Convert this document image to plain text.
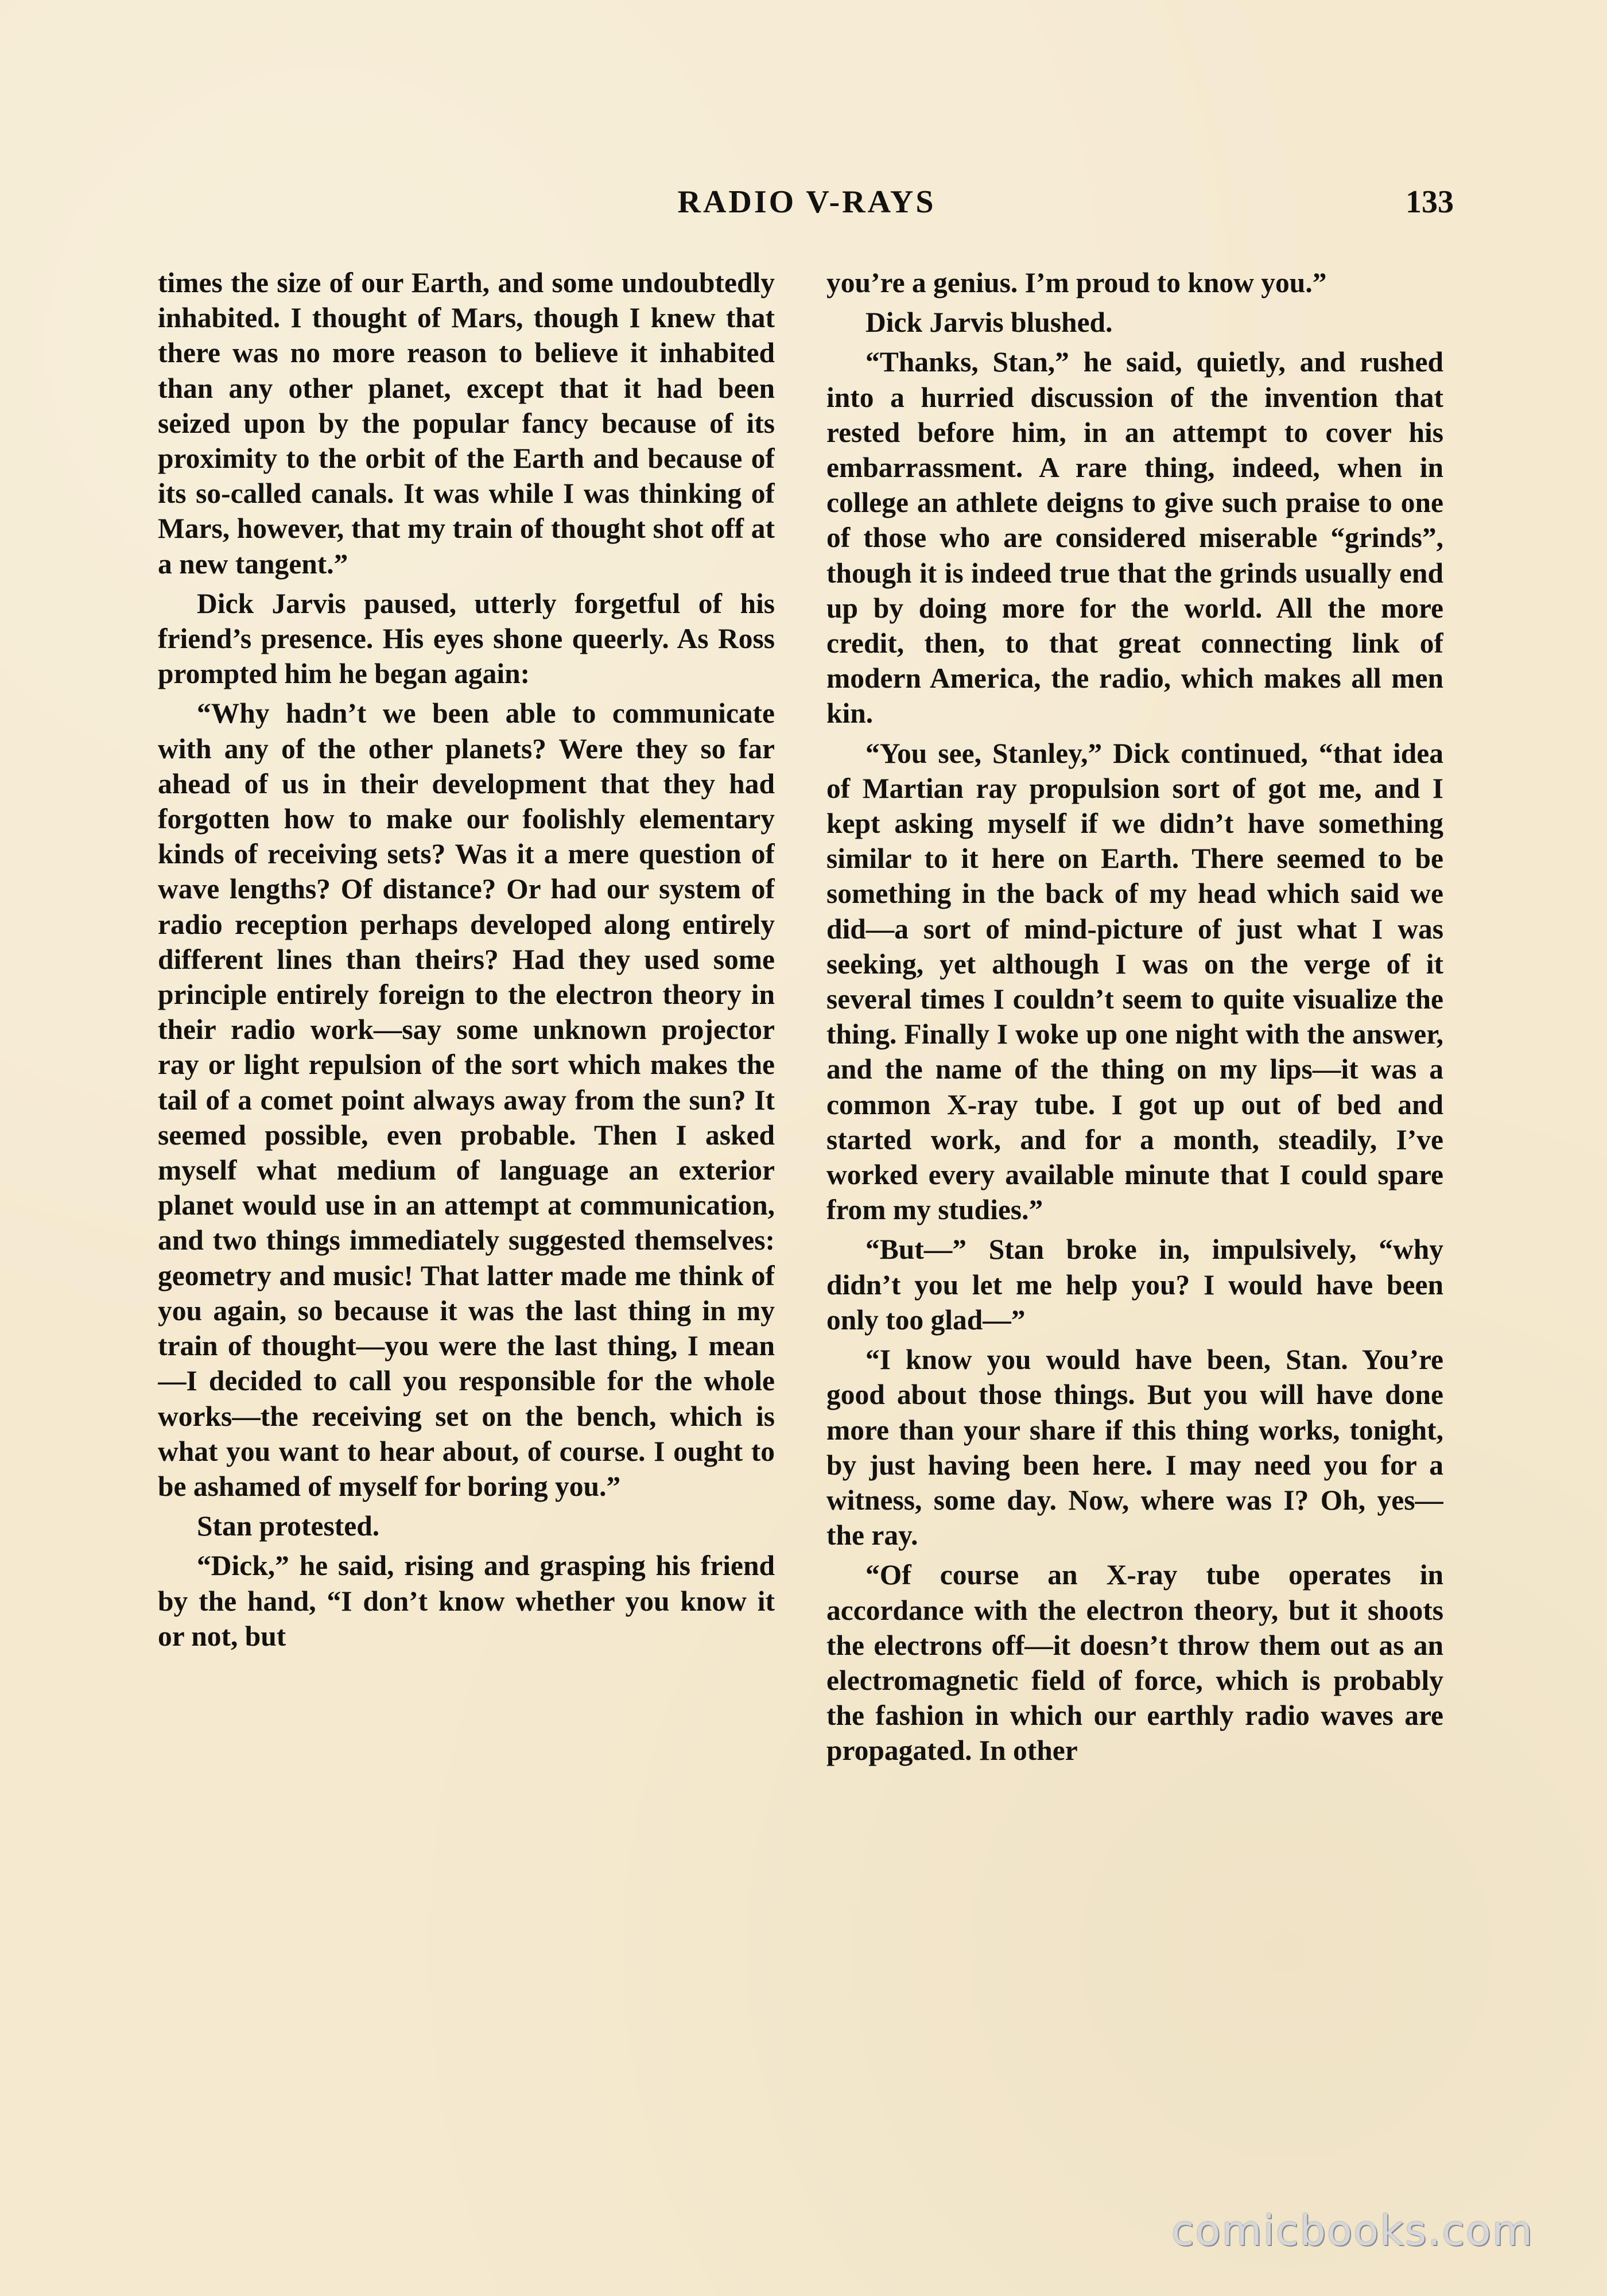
RADIO V-RAYS	133

times the size of our Earth, and some undoubtedly inhabited. I thought of Mars, though I knew that there was no more reason to believe it inhabited than any other planet, except that it had been seized upon by the popular fancy because of its proximity to the orbit of the Earth and because of its so-called canals. It was while I was thinking of Mars, however, that my train of thought shot off at a new tangent.”

Dick Jarvis paused, utterly forgetful of his friend’s presence. His eyes shone queerly. As Ross prompted him he began again:

“Why hadn’t we been able to communicate with any of the other planets? Were they so far ahead of us in their development that they had forgotten how to make our foolishly elementary kinds of receiving sets? Was it a mere question of wave lengths? Of distance? Or had our system of radio reception perhaps developed along entirely different lines than theirs? Had they used some principle entirely foreign to the electron theory in their radio work—say some unknown projector ray or light repulsion of the sort which makes the tail of a comet point always away from the sun? It seemed possible, even probable. Then I asked myself what medium of language an exterior planet would use in an attempt at communication, and two things immediately suggested themselves: geometry and music! That latter made me think of you again, so because it was the last thing in my train of thought—you were the last thing, I mean—I decided to call you responsible for the whole works—the receiving set on the bench, which is what you want to hear about, of course. I ought to be ashamed of myself for boring you.”

Stan protested.

“Dick,” he said, rising and grasping his friend by the hand, “I don’t know whether you know it or not, but

you’re a genius. I’m proud to know you.”

Dick Jarvis blushed.

“Thanks, Stan,” he said, quietly, and rushed into a hurried discussion of the invention that rested before him, in an attempt to cover his embarrassment. A rare thing, indeed, when in college an athlete deigns to give such praise to one of those who are considered miserable “grinds”, though it is indeed true that the grinds usually end up by doing more for the world. All the more credit, then, to that great connecting link of modern America, the radio, which makes all men kin.

“You see, Stanley,” Dick continued, “that idea of Martian ray propulsion sort of got me, and I kept asking myself if we didn’t have something similar to it here on Earth. There seemed to be something in the back of my head which said we did—a sort of mind-picture of just what I was seeking, yet although I was on the verge of it several times I couldn’t seem to quite visualize the thing. Finally I woke up one night with the answer, and the name of the thing on my lips—it was a common X-ray tube. I got up out of bed and started work, and for a month, steadily, I’ve worked every available minute that I could spare from my studies.”

“But—” Stan broke in, impulsively, “why didn’t you let me help you? I would have been only too glad—”

“I know you would have been, Stan. You’re good about those things. But you will have done more than your share if this thing works, tonight, by just having been here. I may need you for a witness, some day. Now, where was I? Oh, yes—the ray.

“Of course an X-ray tube operates in accordance with the electron theory, but it shoots the electrons off—it doesn’t throw them out as an electromagnetic field of force, which is probably the fashion in which our earthly radio waves are propagated. In other

comicbooks.com
